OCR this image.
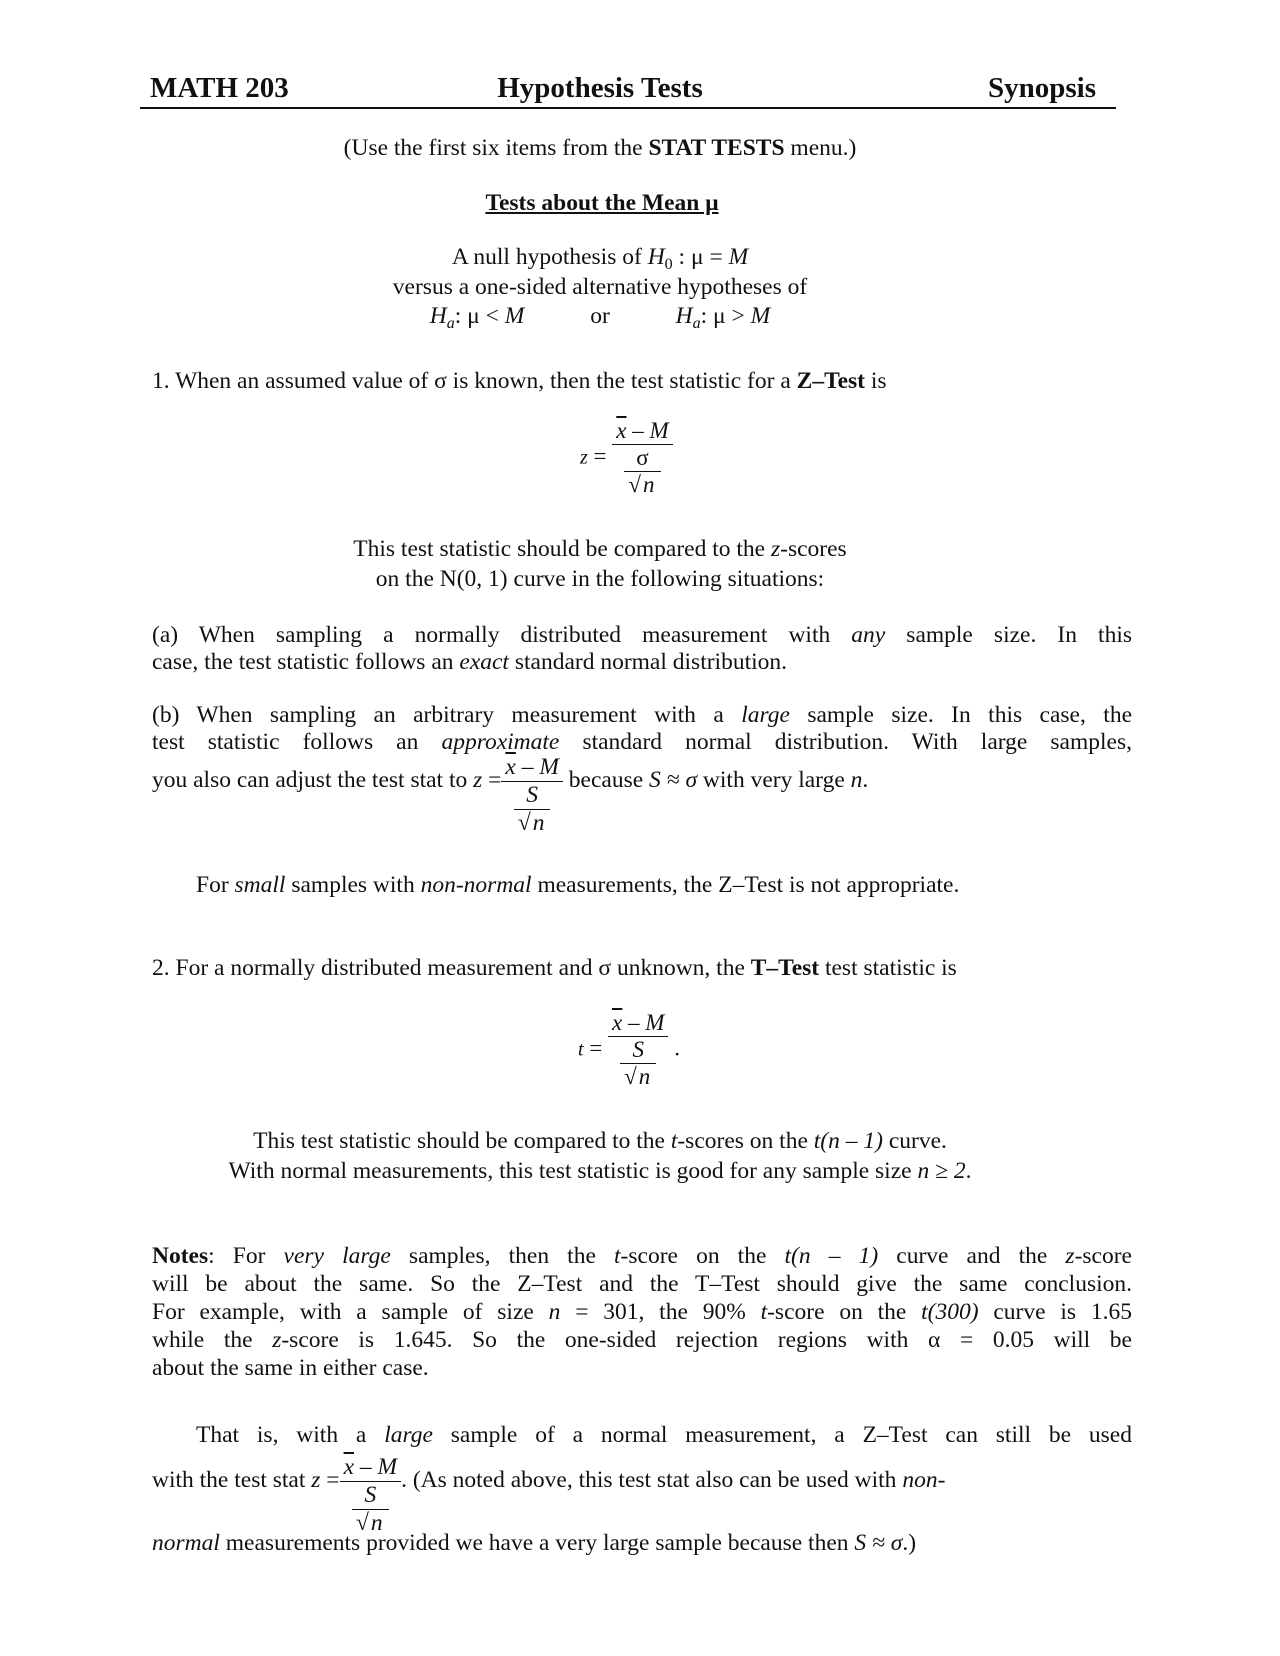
MATH 203	Hypothesis Tests	Synopsis
(Use the first six items from the STAT TESTS menu.)
Tests about the Mean μ
A null hypothesis of $H_0$ : μ = M
versus a one-sided alternative hypotheses of
$H_a$: μ < M	or	$H_a$: μ > M
1. When an assumed value of σ is known, then the test statistic for a Z–Test is
$z = \frac{\overline{x} - M}{\frac{\sigma}{√n}}$
This test statistic should be compared to the z-scores
on the N(0, 1) curve in the following situations:
(a) When sampling a normally distributed measurement with any sample size. In this
case, the test statistic follows an exact standard normal distribution.
(b) When sampling an arbitrary measurement with a large sample size. In this case, the
test statistic follows an approximate standard normal distribution. With large samples,
you also can adjust the test stat to $z = \frac{\overline{x} - M}{\frac{S}{√n}}$ because S ≈ σ with very large n.
For small samples with non-normal measurements, the Z–Test is not appropriate.
2. For a normally distributed measurement and σ unknown, the T–Test test statistic is
$t = \frac{\overline{x} - M}{\frac{S}{√n}}$ .
This test statistic should be compared to the t-scores on the t(n – 1) curve.
With normal measurements, this test statistic is good for any sample size n ≥ 2.
Notes: For very large samples, then the t-score on the t(n – 1) curve and the z-score
will be about the same. So the Z–Test and the T–Test should give the same conclusion.
For example, with a sample of size n = 301, the 90% t-score on the t(300) curve is 1.65
while the z-score is 1.645. So the one-sided rejection regions with α = 0.05 will be
about the same in either case.
That is, with a large sample of a normal measurement, a Z–Test can still be used
with the test stat $z = \frac{\overline{x} - M}{\frac{S}{√n}}$ . (As noted above, this test stat also can be used with non-
normal measurements provided we have a very large sample because then S ≈ σ.)
